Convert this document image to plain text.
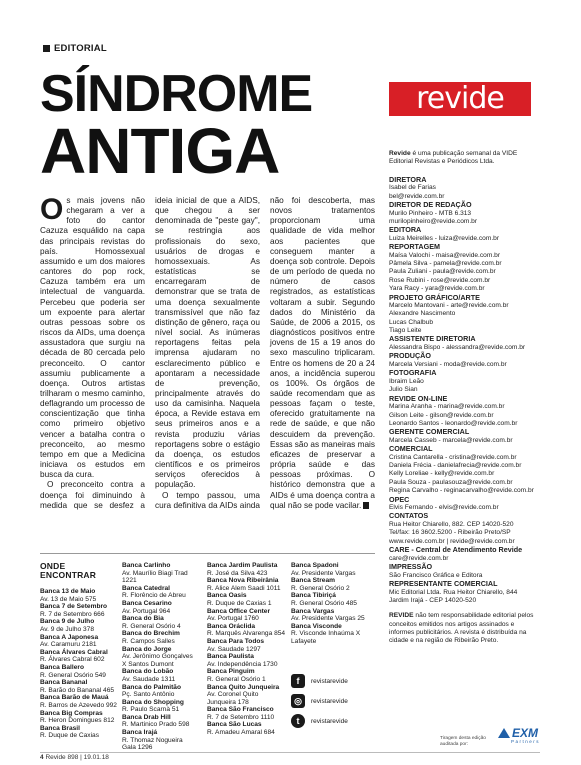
EDITORIAL
SÍNDROME
ANTIGA
revide

Os mais jovens não chegaram a ver a foto do cantor Cazuza esquálido na capa das principais revistas do país. Homossexual assumido e um dos maiores cantores do pop rock, Cazuza também era um intelectual de vanguarda. Percebeu que poderia ser um expoente para alertar outras pessoas sobre os riscos da AIDs, uma doença assustadora que surgiu na década de 80 cercada pelo preconceito. O cantor assumiu publicamente a doença. Outros artistas trilharam o mesmo caminho, deflagrando um processo de conscientização que tinha como primeiro objetivo vencer a batalha contra o preconceito, ao mesmo tempo em que a Medicina iniciava os estudos em busca da cura.

O preconceito contra a doença foi diminuindo à medida que se desfez a ideia inicial de que a AIDS, que chegou a ser denominada de "peste gay", se restringia aos profissionais do sexo, usuários de drogas e homossexuais. As estatísticas se encarregaram de demonstrar que se trata de uma doença sexualmente transmissível que não faz distinção de gênero, raça ou nível social. As inúmeras reportagens feitas pela imprensa ajudaram no esclarecimento público e apontaram a necessidade de prevenção, principalmente através do uso da camisinha. Naquela época, a Revide estava em seus primeiros anos e a revista produziu várias reportagens sobre o estágio da doença, os estudos científicos e os primeiros serviços oferecidos à população.

O tempo passou, uma cura definitiva da AIDs ainda não foi descoberta, mas novos tratamentos proporcionam uma qualidade de vida melhor aos pacientes que conseguem manter a doença sob controle. Depois de um período de queda no número de casos registrados, as estatísticas voltaram a subir. Segundo dados do Ministério da Saúde, de 2006 a 2015, os diagnósticos positivos entre jovens de 15 a 19 anos do sexo masculino triplicaram. Entre os homens de 20 a 24 anos, a incidência superou os 100%. Os órgãos de saúde recomendam que as pessoas façam o teste, oferecido gratuitamente na rede de saúde, e que não descuidem da prevenção. Essas são as maneiras mais eficazes de preservar a própria saúde e das pessoas próximas. O histórico demonstra que a AIDs é uma doença contra a qual não se pode vacilar.

Revide é uma publicação semanal da VIDE Editorial Revistas e Periódicos Ltda.
DIRETORA
Isabel de Farias
bel@revide.com.br
DIRETOR DE REDAÇÃO
Murilo Pinheiro - MTB 6.313
murilopinheiro@revide.com.br
EDITORA
Luiza Meirelles - luiza@revide.com.br
REPORTAGEM
Maísa Valochi - maisa@revide.com.br
Pâmela Silva - pamela@revide.com.br
Paula Zuliani - paula@revide.com.br
Rose Rubini - rose@revide.com.br
Yara Racy - yara@revide.com.br
PROJETO GRÁFICO/ARTE
Marcelo Mantovani - arte@revide.com.br
Alexandre Nascimento
Lucas Chalbub
Tiago Leite
ASSISTENTE DIRETORIA
Alessandra Bispo - alessandra@revide.com.br
PRODUÇÃO
Marcela Versiani - moda@revide.com.br
FOTOGRAFIA
Ibraim Leão
Julio Sian
REVIDE ON-LINE
Marina Aranha - marina@revide.com.br
Gilson Leite - gilson@revide.com.br
Leonardo Santos - leonardo@revide.com.br
GERENTE COMERCIAL
Marcela Casseb - marcela@revide.com.br
COMERCIAL
Cristina Cantarella - cristina@revide.com.br
Daniela Frécia - danielafrecia@revide.com.br
Kelly Loreliae - kelly@revide.com.br
Paula Souza - paulasouza@revide.com.br
Regina Carvalho - reginacarvalho@revide.com.br
OPEC
Elvis Fernando - elvis@revide.com.br
CONTATOS
Rua Heitor Chiarello, 882. CEP 14020-520
Tel/fax: 16 3602.5200 - Ribeirão Preto/SP
www.revide.com.br | revide@revide.com.br
CARE - Central de Atendimento Revide
care@revide.com.br
IMPRESSÃO
São Francisco Gráfica e Editora
REPRESENTANTE COMERCIAL
Mic Editorial Ltda. Rua Heitor Chiarello, 844
Jardim Irajá - CEP 14020-520
REVIDE não tem responsabilidade editorial pelos conceitos emitidos nos artigos assinados e informes publicitários. A revista é distribuída na cidade e na região de Ribeirão Preto.
ONDE ENCONTRAR
Banca 13 de Maio
Av. 13 de Maio 575
Banca 7 de Setembro
R. 7 de Setembro 666
Banca 9 de Julho
Av. 9 de Julho 378
Banca A Japonesa
Av. Caramuru 2181
Banca Álvares Cabral
R. Álvares Cabral 602
Banca Ballero
R. General Osório 549
Banca Bananal
R. Barão do Bananal 465
Banca Barão de Mauá
R. Barros de Azevedo 992
Banca Big Compras
R. Heron Domingues 812
Banca Brasil
R. Duque de Caxias
Banca Carlinho
Av. Maurílio Biagi Trad 1221
Banca Catedral
R. Florêncio de Abreu
Banca Cesarino
Av. Portugal 964
Banca do Bia
R. General Osório 4
Banca do Brechim
R. Campos Salles
Banca do Jorge
Av. Jerônimo Gonçalves
X Santos Dumont
Banca do Lobão
Av. Saudade 1311
Banca do Palmitão
Pç. Santo Antônio
Banca do Shopping
R. Paulo Scarnà 51
Banca Drab Hill
R. Martinico Prado 598
Banca Irajá
R. Thomaz Nogueira
Gala 1296
Banca Jardim Paulista
R. José da Silva 423
Banca Nova Ribeirânia
R. Alice Alem Saadi 1011
Banca Oasis
R. Duque de Caxias 1
Banca Office Center
Av. Portugal 1760
Banca Oráclida
R. Marquês Alvarenga 854
Banca Para Todos
Av. Saudade 1297
Banca Paulista
Av. Independência 1730
Banca Pinguim
R. General Osório 1
Banca Quito Junqueira
Av. Coronel Quito
Junqueira 178
Banca São Francisco
R. 7 de Setembro 1110
Banca São Lucas
R. Amadeu Amaral 684
Banca Spadoni
Av. Presidente Vargas
Banca Stream
R. General Osório 2
Banca Tibiriçá
R. General Osório 485
Banca Vargas
Av. Presidente Vargas 25
Banca Visconde
R. Visconde Inhaúma X
Lafayete
f	revistarevide
◎	revistarevide
t	revistarevide
Tiragem desta edição auditada por:
EXM
Partners
4 Revide 898 | 19.01.18
